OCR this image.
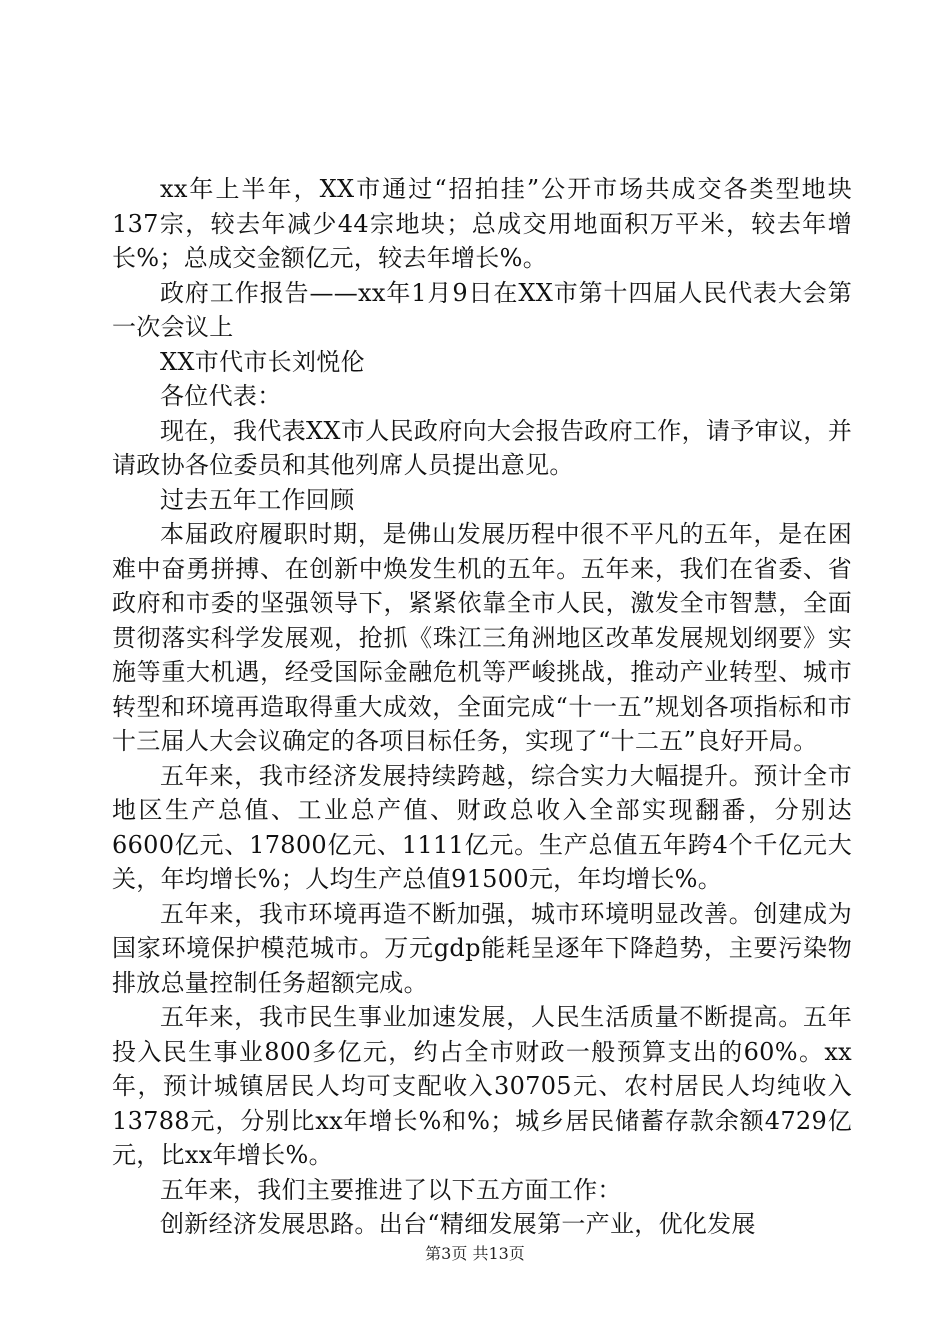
xx年上半年，XX市通过“招拍挂”公开市场共成交各类型地块137宗，较去年减少44宗地块；总成交用地面积万平米，较去年增长%；总成交金额亿元，较去年增长%。

政府工作报告——xx年1月9日在XX市第十四届人民代表大会第一次会议上

XX市代市长刘悦伦

各位代表：

现在，我代表XX市人民政府向大会报告政府工作，请予审议，并请政协各位委员和其他列席人员提出意见。

过去五年工作回顾

本届政府履职时期，是佛山发展历程中很不平凡的五年，是在困难中奋勇拼搏、在创新中焕发生机的五年。五年来，我们在省委、省政府和市委的坚强领导下，紧紧依靠全市人民，激发全市智慧，全面贯彻落实科学发展观，抢抓《珠江三角洲地区改革发展规划纲要》实施等重大机遇，经受国际金融危机等严峻挑战，推动产业转型、城市转型和环境再造取得重大成效，全面完成“十一五”规划各项指标和市十三届人大会议确定的各项目标任务，实现了“十二五”良好开局。

五年来，我市经济发展持续跨越，综合实力大幅提升。预计全市地区生产总值、工业总产值、财政总收入全部实现翻番，分别达6600亿元、17800亿元、1111亿元。生产总值五年跨4个千亿元大关，年均增长%；人均生产总值91500元，年均增长%。

五年来，我市环境再造不断加强，城市环境明显改善。创建成为国家环境保护模范城市。万元gdp能耗呈逐年下降趋势，主要污染物排放总量控制任务超额完成。

五年来，我市民生事业加速发展，人民生活质量不断提高。五年投入民生事业800多亿元，约占全市财政一般预算支出的60%。xx年，预计城镇居民人均可支配收入30705元、农村居民人均纯收入13788元，分别比xx年增长%和%；城乡居民储蓄存款余额4729亿元，比xx年增长%。

五年来，我们主要推进了以下五方面工作：

创新经济发展思路。出台“精细发展第一产业，优化发展

第3页 共13页
